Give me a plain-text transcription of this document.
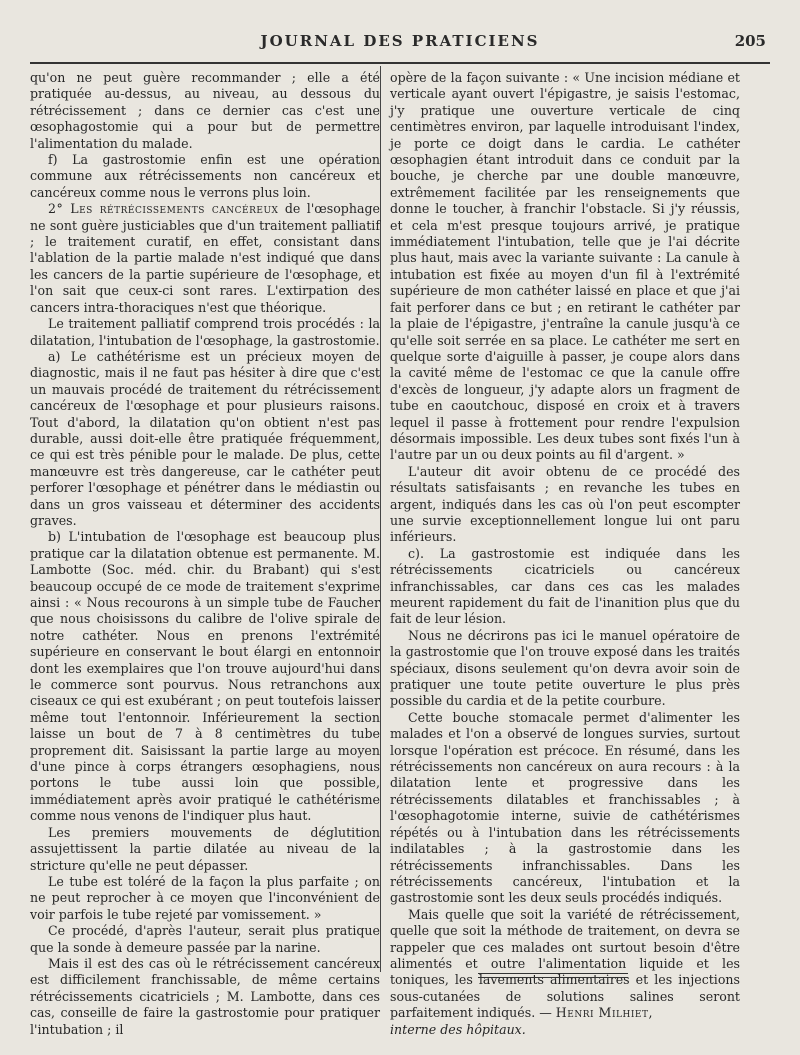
JOURNAL DES PRATICIENS	205

qu'on ne peut guère recommander ; elle a été pratiquée au-dessus, au niveau, au dessous du rétrécissement ; dans ce dernier cas c'est une œsophagostomie qui a pour but de permettre l'alimentation du malade.

f) La gastrostomie enfin est une opération commune aux rétrécissements non cancéreux et cancéreux comme nous le verrons plus loin.

2° Les rétrécissements cancéreux de l'œsophage ne sont guère justiciables que d'un traitement palliatif ; le traitement curatif, en effet, consistant dans l'ablation de la partie malade n'est indiqué que dans les cancers de la partie supérieure de l'œsophage, et l'on sait que ceux-ci sont rares. L'extirpation des cancers intra-thoraciques n'est que théorique.

Le traitement palliatif comprend trois procédés : la dilatation, l'intubation de l'œsophage, la gastrostomie.

a) Le cathétérisme est un précieux moyen de diagnostic, mais il ne faut pas hésiter à dire que c'est un mauvais procédé de traitement du rétrécissement cancéreux de l'œsophage et pour plusieurs raisons. Tout d'abord, la dilatation qu'on obtient n'est pas durable, aussi doit-elle être pratiquée fréquemment, ce qui est très pénible pour le malade. De plus, cette manœuvre est très dangereuse, car le cathéter peut perforer l'œsophage et pénétrer dans le médiastin ou dans un gros vaisseau et déterminer des accidents graves.

b) L'intubation de l'œsophage est beaucoup plus pratique car la dilatation obtenue est permanente. M. Lambotte (Soc. méd. chir. du Brabant) qui s'est beaucoup occupé de ce mode de traitement s'exprime ainsi : « Nous recourons à un simple tube de Faucher que nous choisissons du calibre de l'olive spirale de notre cathéter. Nous en prenons l'extrémité supérieure en conservant le bout élargi en entonnoir dont les exemplaires que l'on trouve aujourd'hui dans le commerce sont pourvus. Nous retranchons aux ciseaux ce qui est exubérant ; on peut toutefois laisser même tout l'entonnoir. Inférieurement la section laisse un bout de 7 à 8 centimètres du tube proprement dit. Saisissant la partie large au moyen d'une pince à corps étrangers œsophagiens, nous portons le tube aussi loin que possible, immédiatement après avoir pratiqué le cathétérisme comme nous venons de l'indiquer plus haut.

Les premiers mouvements de déglutition assujettissent la partie dilatée au niveau de la stricture qu'elle ne peut dépasser.

Le tube est toléré de la façon la plus parfaite ; on ne peut reprocher à ce moyen que l'inconvénient de voir parfois le tube rejeté par vomissement. »

Ce procédé, d'après l'auteur, serait plus pratique que la sonde à demeure passée par la narine.

Mais il est des cas où le rétrécissement cancéreux est difficilement franchissable, de même certains rétrécissements cicatriciels ; M. Lambotte, dans ces cas, conseille de faire la gastrostomie pour pratiquer l'intubation ; il

opère de la façon suivante : « Une incision médiane et verticale ayant ouvert l'épigastre, je saisis l'estomac, j'y pratique une ouverture verticale de cinq centimètres environ, par laquelle introduisant l'index, je porte ce doigt dans le cardia. Le cathéter œsophagien étant introduit dans ce conduit par la bouche, je cherche par une double manœuvre, extrêmement facilitée par les renseignements que donne le toucher, à franchir l'obstacle. Si j'y réussis, et cela m'est presque toujours arrivé, je pratique immédiatement l'intubation, telle que je l'ai décrite plus haut, mais avec la variante suivante : La canule à intubation est fixée au moyen d'un fil à l'extrémité supérieure de mon cathéter laissé en place et que j'ai fait perforer dans ce but ; en retirant le cathéter par la plaie de l'épigastre, j'entraîne la canule jusqu'à ce qu'elle soit serrée en sa place. Le cathéter me sert en quelque sorte d'aiguille à passer, je coupe alors dans la cavité même de l'estomac ce que la canule offre d'excès de longueur, j'y adapte alors un fragment de tube en caoutchouc, disposé en croix et à travers lequel il passe à frottement pour rendre l'expulsion désormais impossible. Les deux tubes sont fixés l'un à l'autre par un ou deux points au fil d'argent. »

L'auteur dit avoir obtenu de ce procédé des résultats satisfaisants ; en revanche les tubes en argent, indiqués dans les cas où l'on peut escompter une survie exceptionnellement longue lui ont paru inférieurs.

c). La gastrostomie est indiquée dans les rétrécissements cicatriciels ou cancéreux infranchissables, car dans ces cas les malades meurent rapidement du fait de l'inanition plus que du fait de leur lésion.

Nous ne décrirons pas ici le manuel opératoire de la gastrostomie que l'on trouve exposé dans les traités spéciaux, disons seulement qu'on devra avoir soin de pratiquer une toute petite ouverture le plus près possible du cardia et de la petite courbure.

Cette bouche stomacale permet d'alimenter les malades et l'on a observé de longues survies, surtout lorsque l'opération est précoce. En résumé, dans les rétrécissements non cancéreux on aura recours : à la dilatation lente et progressive dans les rétrécissements dilatables et franchissables ; à l'œsophagotomie interne, suivie de cathétérismes répétés ou à l'intubation dans les rétrécissements indilatables ; à la gastrostomie dans les rétrécissements infranchissables. Dans les rétrécissements cancéreux, l'intubation et la gastrostomie sont les deux seuls procédés indiqués.

Mais quelle que soit la variété de rétrécissement, quelle que soit la méthode de traitement, on devra se rappeler que ces malades ont surtout besoin d'être alimentés et outre l'alimentation liquide et les toniques, les lavements alimentaires et les injections sous-cutanées de solutions salines seront parfaitement indiqués. — Henri Milhiet,
interne des hôpitaux.
